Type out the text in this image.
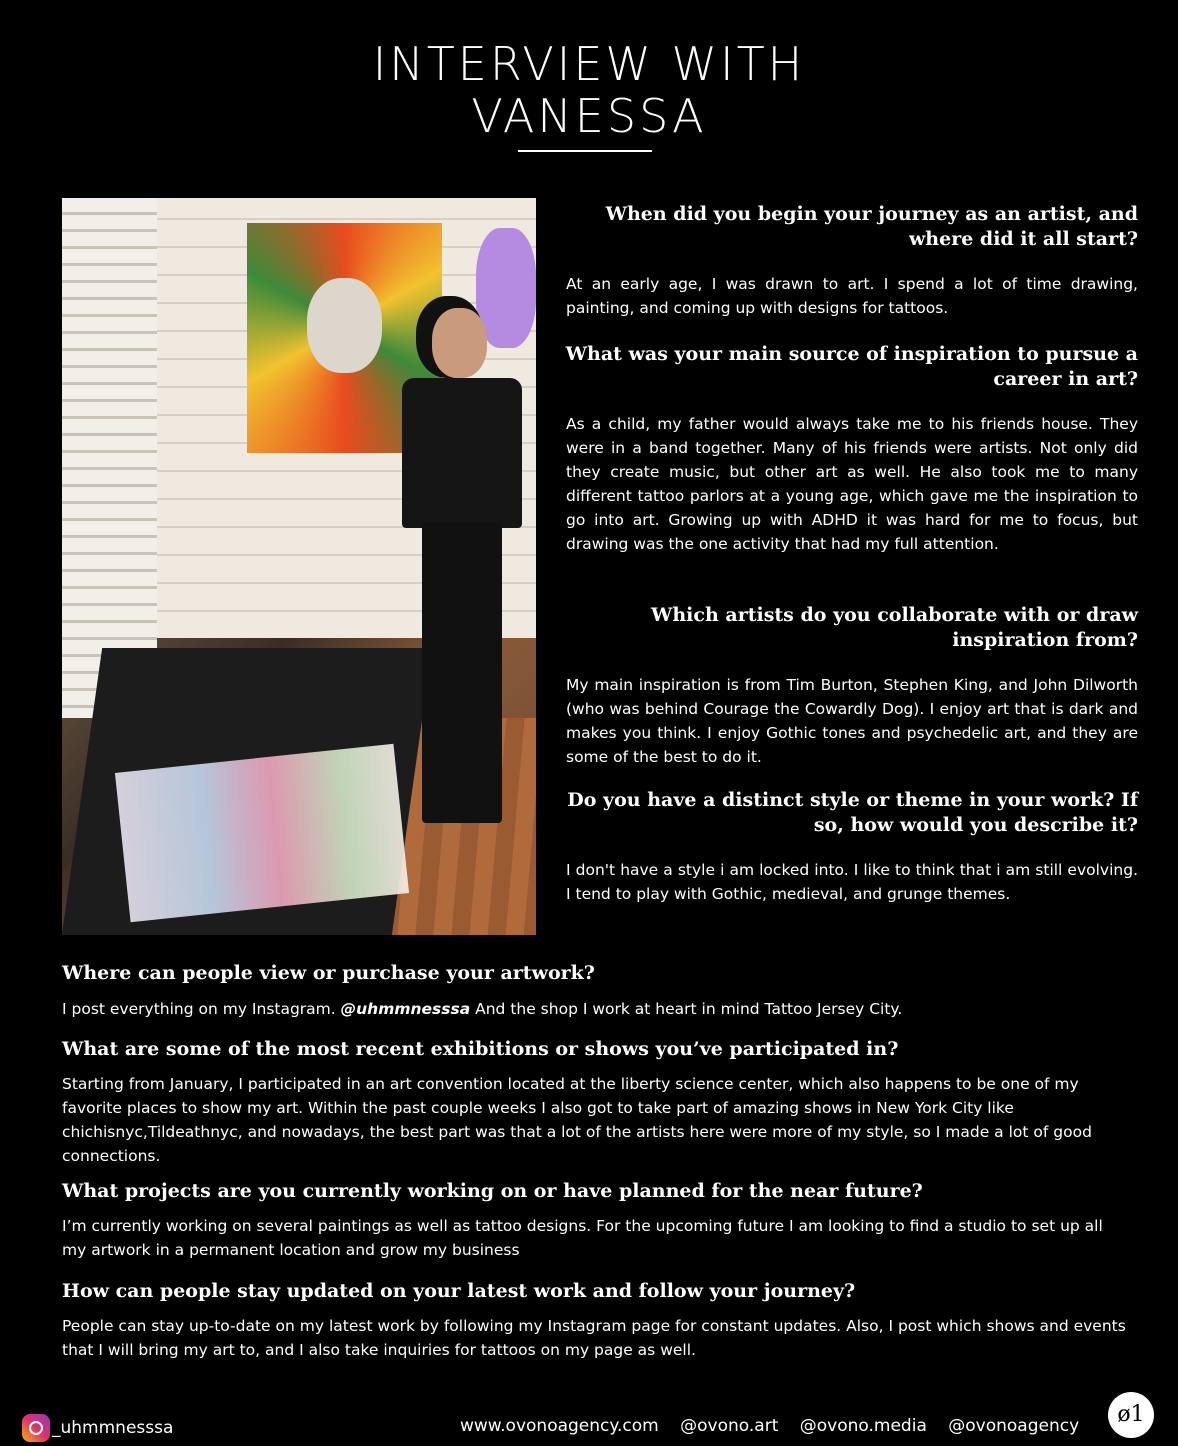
INTERVIEW WITH
VANESSA

When did you begin your journey as an artist, and where did it all start?

At an early age, I was drawn to art. I spend a lot of time drawing, painting, and coming up with designs for tattoos.

What was your main source of inspiration to pursue a career in art?

As a child, my father would always take me to his friends house. They were in a band together. Many of his friends were artists. Not only did they create music, but other art as well. He also took me to many different tattoo parlors at a young age, which gave me the inspiration to go into art. Growing up with ADHD it was hard for me to focus, but drawing was the one activity that had my full attention.

Which artists do you collaborate with or draw inspiration from?

My main inspiration is from Tim Burton, Stephen King, and John Dilworth (who was behind Courage the Cowardly Dog). I enjoy art that is dark and makes you think. I enjoy Gothic tones and psychedelic art, and they are some of the best to do it.

Do you have a distinct style or theme in your work? If so, how would you describe it?

I don't have a style i am locked into. I like to think that i am still evolving. I tend to play with Gothic, medieval, and grunge themes.

Where can people view or purchase your artwork?
I post everything on my Instagram. @uhmmnesssa And the shop I work at heart in mind Tattoo Jersey City.
What are some of the most recent exhibitions or shows you’ve participated in?
Starting from January, I participated in an art convention located at the liberty science center, which also happens to be one of my favorite places to show my art. Within the past couple weeks I also got to take part of amazing shows in New York City like chichisnyc,Tildeathnyc, and nowadays, the best part was that a lot of the artists here were more of my style, so I made a lot of good connections.
What projects are you currently working on or have planned for the near future?
I’m currently working on several paintings as well as tattoo designs. For the upcoming future I am looking to find a studio to set up all my artwork in a permanent location and grow my business
How can people stay updated on your latest work and follow your journey?
People can stay up-to-date on my latest work by following my Instagram page for constant updates. Also, I post which shows and events that I will bring my art to, and I also take inquiries for tattoos on my page as well.
_uhmmnesssa	www.ovonoagency.com @ovono.art @ovono.media @ovonoagency	ø1
